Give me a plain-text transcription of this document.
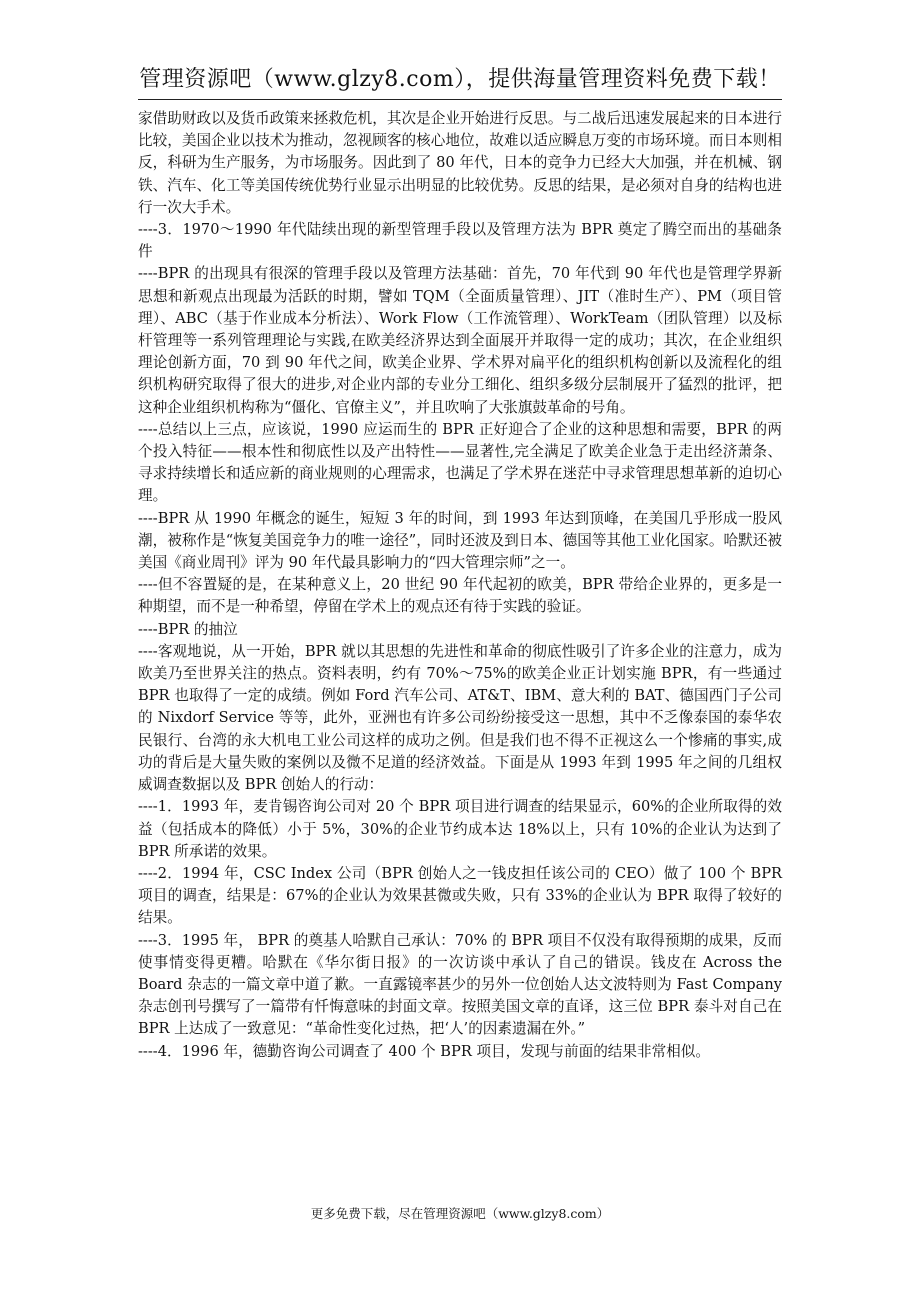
管理资源吧（www.glzy8.com），提供海量管理资料免费下载！

家借助财政以及货币政策来拯救危机，其次是企业开始进行反思。与二战后迅速发展起来的日本进行比较，美国企业以技术为推动，忽视顾客的核心地位，故难以适应瞬息万变的市场环境。而日本则相反，科研为生产服务，为市场服务。因此到了 80 年代，日本的竞争力已经大大加强，并在机械、钢铁、汽车、化工等美国传统优势行业显示出明显的比较优势。反思的结果，是必须对自身的结构也进行一次大手术。

----3．1970～1990 年代陆续出现的新型管理手段以及管理方法为 BPR 奠定了腾空而出的基础条件

----BPR 的出现具有很深的管理手段以及管理方法基础：首先，70 年代到 90 年代也是管理学界新思想和新观点出现最为活跃的时期，譬如 TQM（全面质量管理）、JIT（准时生产）、PM（项目管理）、ABC（基于作业成本分析法）、Work Flow（工作流管理）、WorkTeam（团队管理）以及标杆管理等一系列管理理论与实践,在欧美经济界达到全面展开并取得一定的成功；其次，在企业组织理论创新方面，70 到 90 年代之间，欧美企业界、学术界对扁平化的组织机构创新以及流程化的组织机构研究取得了很大的进步,对企业内部的专业分工细化、组织多级分层制展开了猛烈的批评，把这种企业组织机构称为“僵化、官僚主义”，并且吹响了大张旗鼓革命的号角。

----总结以上三点，应该说，1990 应运而生的 BPR 正好迎合了企业的这种思想和需要，BPR 的两个投入特征——根本性和彻底性以及产出特性——显著性,完全满足了欧美企业急于走出经济萧条、寻求持续增长和适应新的商业规则的心理需求，也满足了学术界在迷茫中寻求管理思想革新的迫切心理。

----BPR 从 1990 年概念的诞生，短短 3 年的时间，到 1993 年达到顶峰，在美国几乎形成一股风潮，被称作是“恢复美国竞争力的唯一途径”，同时还波及到日本、德国等其他工业化国家。哈默还被美国《商业周刊》评为 90 年代最具影响力的“四大管理宗师”之一。

----但不容置疑的是，在某种意义上，20 世纪 90 年代起初的欧美，BPR 带给企业界的，更多是一种期望，而不是一种希望，停留在学术上的观点还有待于实践的验证。

----BPR 的抽泣

----客观地说，从一开始，BPR 就以其思想的先进性和革命的彻底性吸引了许多企业的注意力，成为欧美乃至世界关注的热点。资料表明，约有 70%～75%的欧美企业正计划实施 BPR，有一些通过 BPR 也取得了一定的成绩。例如 Ford 汽车公司、AT&T、IBM、意大利的 BAT、德国西门子公司的 Nixdorf Service 等等，此外，亚洲也有许多公司纷纷接受这一思想，其中不乏像泰国的泰华农民银行、台湾的永大机电工业公司这样的成功之例。但是我们也不得不正视这么一个惨痛的事实,成功的背后是大量失败的案例以及微不足道的经济效益。下面是从 1993 年到 1995 年之间的几组权威调查数据以及 BPR 创始人的行动：

----1．1993 年，麦肯锡咨询公司对 20 个 BPR 项目进行调查的结果显示，60%的企业所取得的效益（包括成本的降低）小于 5%，30%的企业节约成本达 18%以上，只有 10%的企业认为达到了 BPR 所承诺的效果。

----2．1994 年，CSC Index 公司（BPR 创始人之一钱皮担任该公司的 CEO）做了 100 个 BPR 项目的调查，结果是：67%的企业认为效果甚微或失败，只有 33%的企业认为 BPR 取得了较好的结果。

----3．1995 年， BPR 的奠基人哈默自己承认：70% 的 BPR 项目不仅没有取得预期的成果，反而使事情变得更糟。哈默在《华尔街日报》的一次访谈中承认了自己的错误。钱皮在 Across the Board 杂志的一篇文章中道了歉。一直露镜率甚少的另外一位创始人达文波特则为 Fast Company 杂志创刊号撰写了一篇带有忏悔意味的封面文章。按照美国文章的直译，这三位 BPR 泰斗对自己在 BPR 上达成了一致意见：“革命性变化过热，把‘人’的因素遗漏在外。”

----4．1996 年，德勤咨询公司调查了 400 个 BPR 项目，发现与前面的结果非常相似。

更多免费下载，尽在管理资源吧（www.glzy8.com）
